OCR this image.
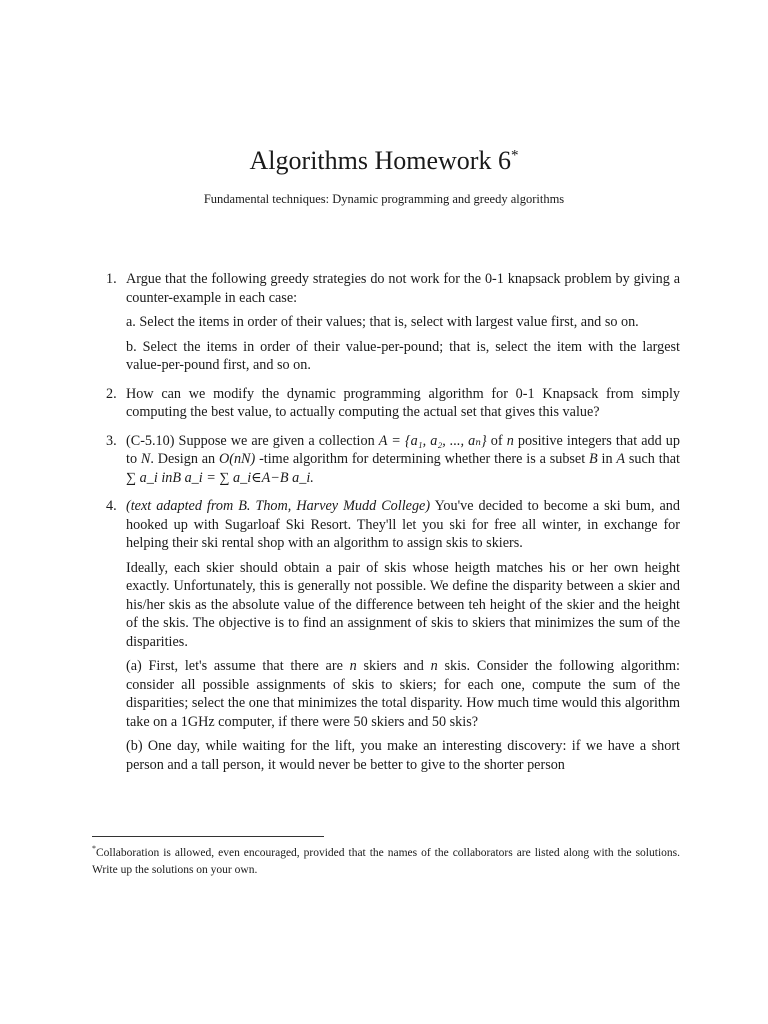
Algorithms Homework 6*
Fundamental techniques: Dynamic programming and greedy algorithms
1. Argue that the following greedy strategies do not work for the 0-1 knapsack problem by giving a counter-example in each case:

a. Select the items in order of their values; that is, select with largest value first, and so on.

b. Select the items in order of their value-per-pound; that is, select the item with the largest value-per-pound first, and so on.

2. How can we modify the dynamic programming algorithm for 0-1 Knapsack from simply computing the best value, to actually computing the actual set that gives this value?

3. (C-5.10) Suppose we are given a collection A = {a₁, a₂, ..., aₙ} of n positive integers that add up to N. Design an O(nN) -time algorithm for determining whether there is a subset B in A such that ∑ a_i inB a_i = ∑ a_i∈A−B a_i.

4. (text adapted from B. Thom, Harvey Mudd College) You've decided to become a ski bum, and hooked up with Sugarloaf Ski Resort. They'll let you ski for free all winter, in exchange for helping their ski rental shop with an algorithm to assign skis to skiers.

Ideally, each skier should obtain a pair of skis whose heigth matches his or her own height exactly. Unfortunately, this is generally not possible. We define the disparity between a skier and his/her skis as the absolute value of the difference between teh height of the skier and the height of the skis. The objective is to find an assignment of skis to skiers that minimizes the sum of the disparities.

(a) First, let's assume that there are n skiers and n skis. Consider the following algorithm: consider all possible assignments of skis to skiers; for each one, compute the sum of the disparities; select the one that minimizes the total disparity. How much time would this algorithm take on a 1GHz computer, if there were 50 skiers and 50 skis?

(b) One day, while waiting for the lift, you make an interesting discovery: if we have a short person and a tall person, it would never be better to give to the shorter person

*Collaboration is allowed, even encouraged, provided that the names of the collaborators are listed along with the solutions. Write up the solutions on your own.
